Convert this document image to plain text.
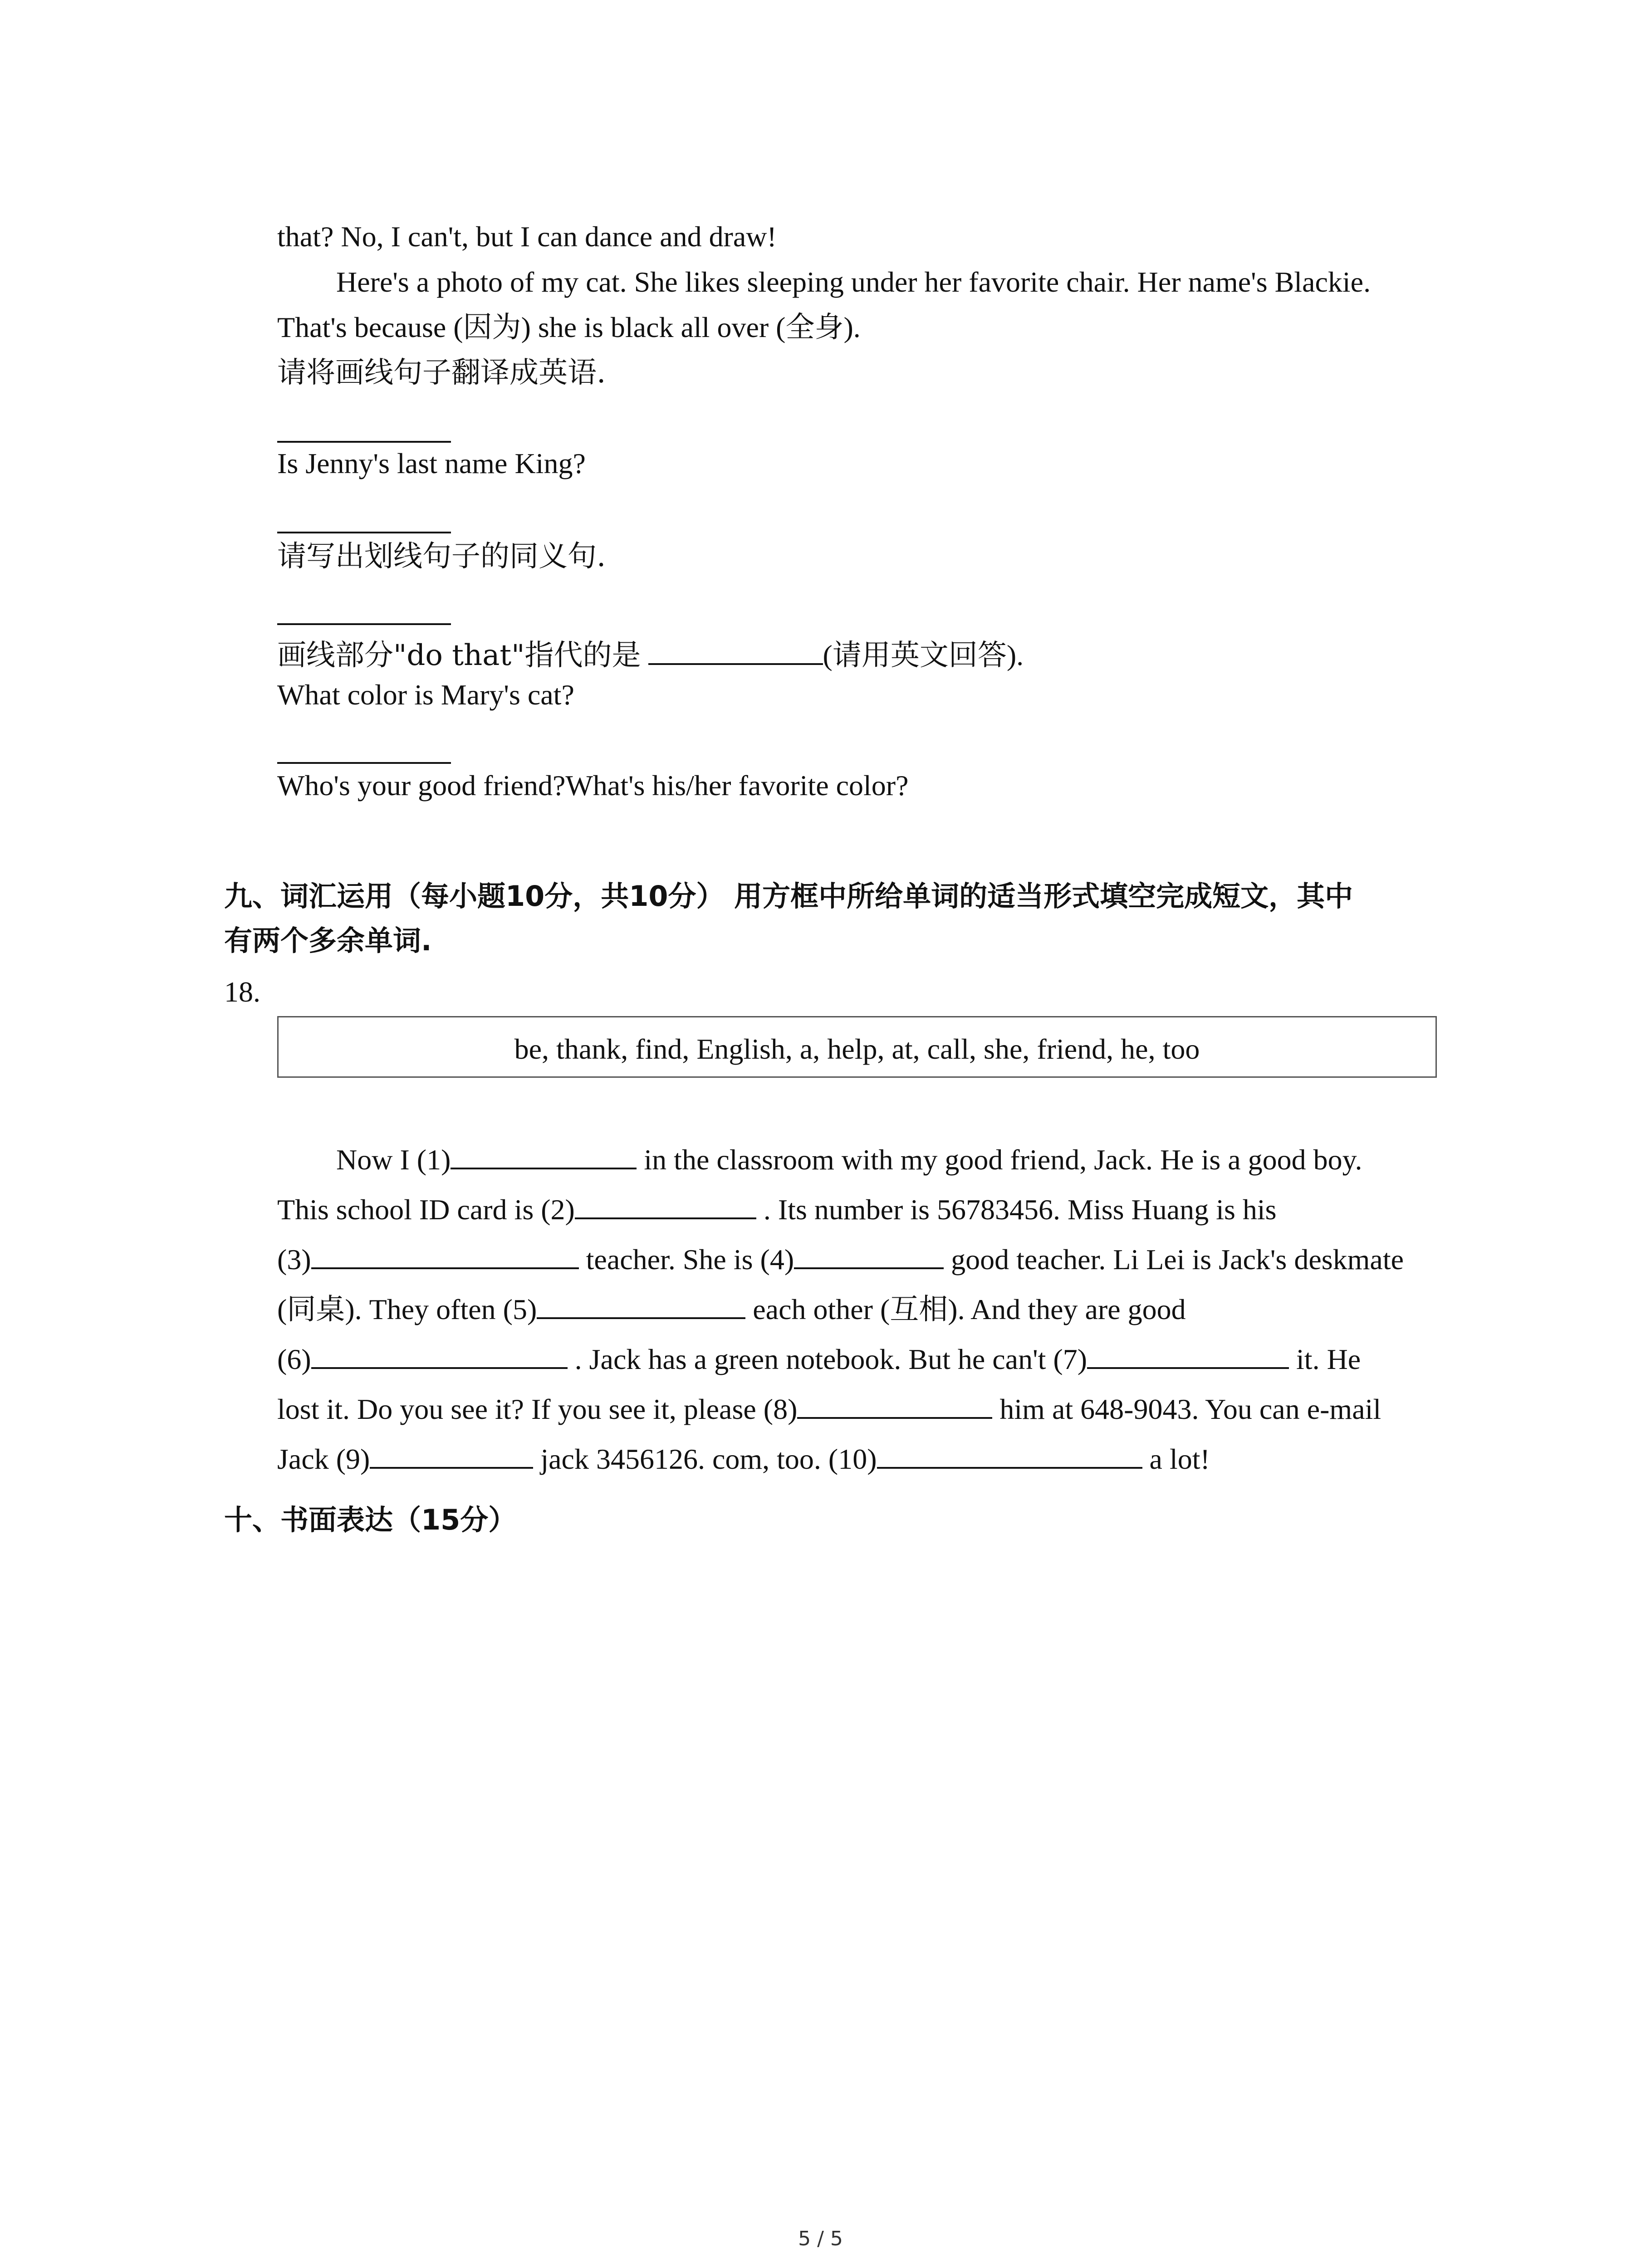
that? No, I can't, but I can dance and draw!
Here's a photo of my cat. She likes sleeping under her favorite chair. Her name's Blackie.
That's because (因为) she is black all over (全身).
请将画线句子翻译成英语.
Is Jenny's last name King?
请写出划线句子的同义句.
画线部分"do that"指代的是	(请用英文回答).
What color is Mary's cat?
Who's your good friend?What's his/her favorite color?
九、词汇运用（每小题10分，共10分） 用方框中所给单词的适当形式填空完成短文，其中
有两个多余单词.
18.
be, thank, find, English, a, help, at, call, she, friend, he, too
Now I (1)	in the classroom with my good friend, Jack. He is a good boy.
This school ID card is (2)	. Its number is 56783456. Miss Huang is his
(3)	teacher. She is (4)	good teacher. Li Lei is Jack's deskmate
(同桌). They often (5)	each other (互相). And they are good
(6)	. Jack has a green notebook. But he can't (7)	it. He
lost it. Do you see it? If you see it, please (8)	him at 648-9043. You can e-mail
Jack (9)	jack 3456126. com, too. (10)	a lot!
十、书面表达（15分）
5 / 5
